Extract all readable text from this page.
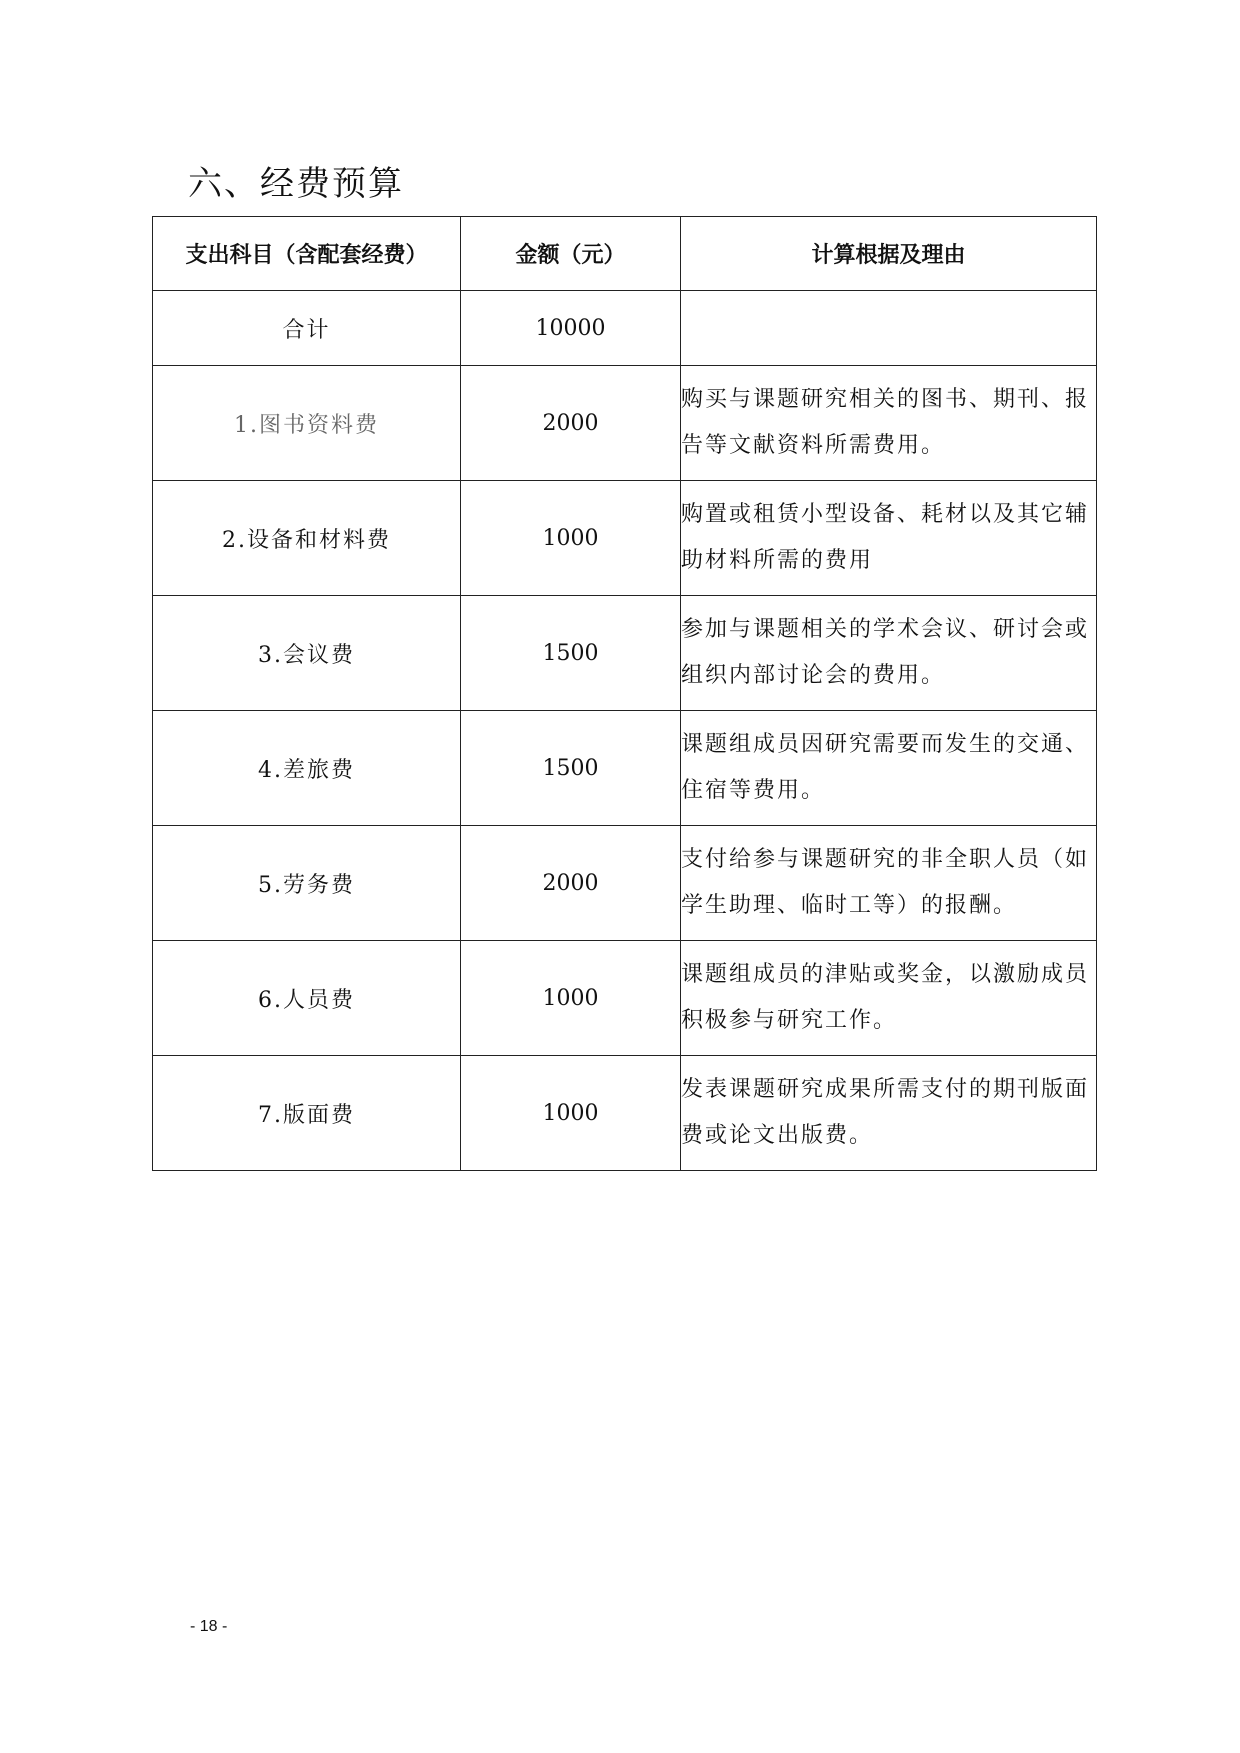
六、经费预算
支出科目（含配套经费）	金额（元）	计算根据及理由
合计	10000	
1.图书资料费	2000	购买与课题研究相关的图书、期刊、报告等文献资料所需费用。
2.设备和材料费	1000	购置或租赁小型设备、耗材以及其它辅助材料所需的费用
3.会议费	1500	参加与课题相关的学术会议、研讨会或组织内部讨论会的费用。
4.差旅费	1500	课题组成员因研究需要而发生的交通、住宿等费用。
5.劳务费	2000	支付给参与课题研究的非全职人员（如学生助理、临时工等）的报酬。
6.人员费	1000	课题组成员的津贴或奖金，以激励成员积极参与研究工作。
7.版面费	1000	发表课题研究成果所需支付的期刊版面费或论文出版费。
- 18 -
